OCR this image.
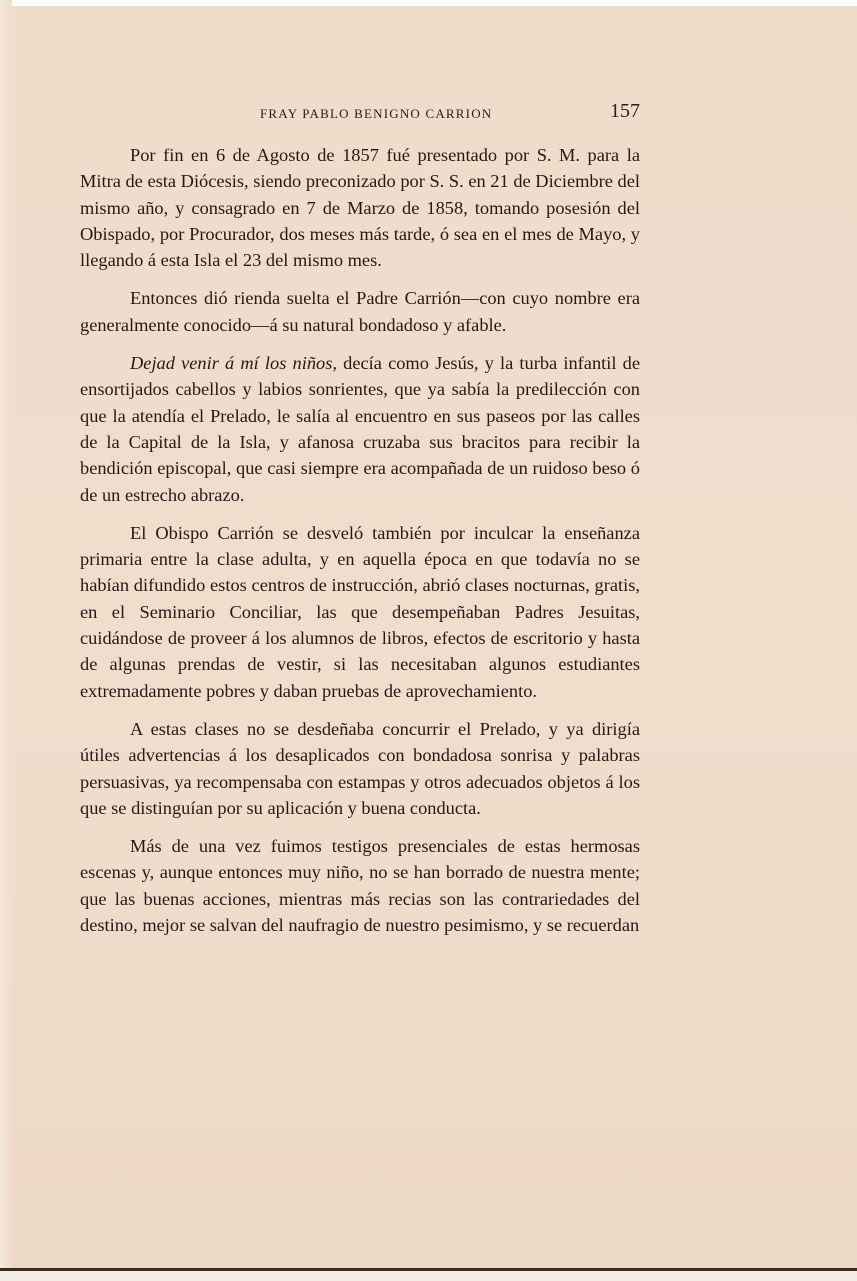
FRAY PABLO BENIGNO CARRION	157

Por fin en 6 de Agosto de 1857 fué presentado por S. M. para la Mitra de esta Diócesis, siendo preconizado por S. S. en 21 de Diciembre del mismo año, y consagrado en 7 de Marzo de 1858, tomando posesión del Obispado, por Procurador, dos meses más tarde, ó sea en el mes de Mayo, y llegando á esta Isla el 23 del mismo mes.

Entonces dió rienda suelta el Padre Carrión—con cuyo nombre era generalmente conocido—á su natural bondadoso y afable.

Dejad venir á mí los niños, decía como Jesús, y la turba infantil de ensortijados cabellos y labios sonrientes, que ya sabía la predilección con que la atendía el Prelado, le salía al encuentro en sus paseos por las calles de la Capital de la Isla, y afanosa cruzaba sus bracitos para recibir la bendición episcopal, que casi siempre era acompañada de un ruidoso beso ó de un estrecho abrazo.

El Obispo Carrión se desveló también por inculcar la enseñanza primaria entre la clase adulta, y en aquella época en que todavía no se habían difundido estos centros de instrucción, abrió clases nocturnas, gratis, en el Seminario Conciliar, las que desempeñaban Padres Jesuitas, cuidándose de proveer á los alumnos de libros, efectos de escritorio y hasta de algunas prendas de vestir, si las necesitaban algunos estudiantes extremadamente pobres y daban pruebas de aprovechamiento.

A estas clases no se desdeñaba concurrir el Prelado, y ya dirigía útiles advertencias á los desaplicados con bondadosa sonrisa y palabras persuasivas, ya recompensaba con estampas y otros adecuados objetos á los que se distinguían por su aplicación y buena conducta.

Más de una vez fuimos testigos presenciales de estas hermosas escenas y, aunque entonces muy niño, no se han borrado de nuestra mente; que las buenas acciones, mientras más recias son las contrariedades del destino, mejor se salvan del naufragio de nuestro pesimismo, y se recuerdan
